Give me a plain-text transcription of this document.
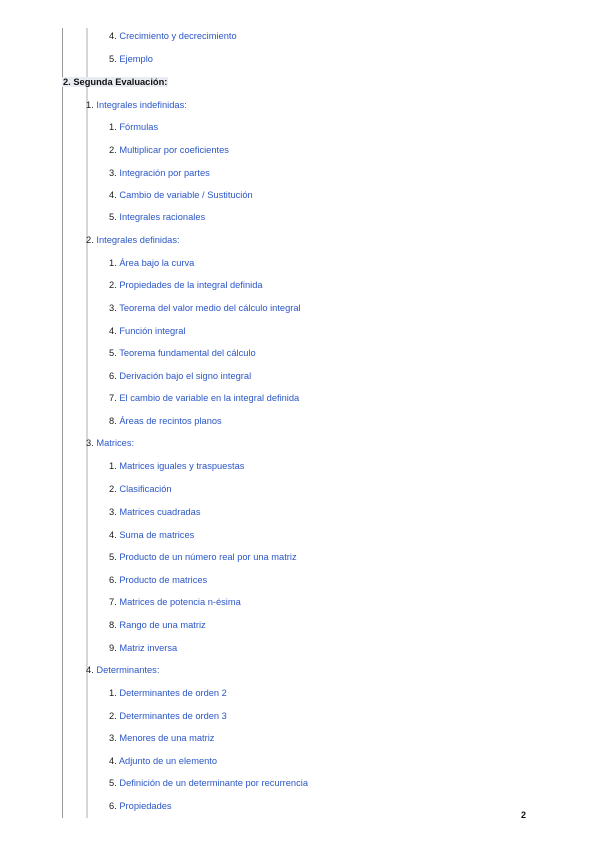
4. Crecimiento y decrecimiento
5. Ejemplo
2. Segunda Evaluación:
1. Integrales indefinidas:
1. Fórmulas
2. Multiplicar por coeficientes
3. Integración por partes
4. Cambio de variable / Sustitución
5. Integrales racionales
2. Integrales definidas:
1. Área bajo la curva
2. Propiedades de la integral definida
3. Teorema del valor medio del cálculo integral
4. Función integral
5. Teorema fundamental del cálculo
6. Derivación bajo el signo integral
7. El cambio de variable en la integral definida
8. Áreas de recintos planos
3. Matrices:
1. Matrices iguales y traspuestas
2. Clasificación
3. Matrices cuadradas
4. Suma de matrices
5. Producto de un número real por una matriz
6. Producto de matrices
7. Matrices de potencia n-ésima
8. Rango de una matriz
9. Matriz inversa
4. Determinantes:
1. Determinantes de orden 2
2. Determinantes de orden 3
3. Menores de una matriz
4. Adjunto de un elemento
5. Definición de un determinante por recurrencia
6. Propiedades
2
